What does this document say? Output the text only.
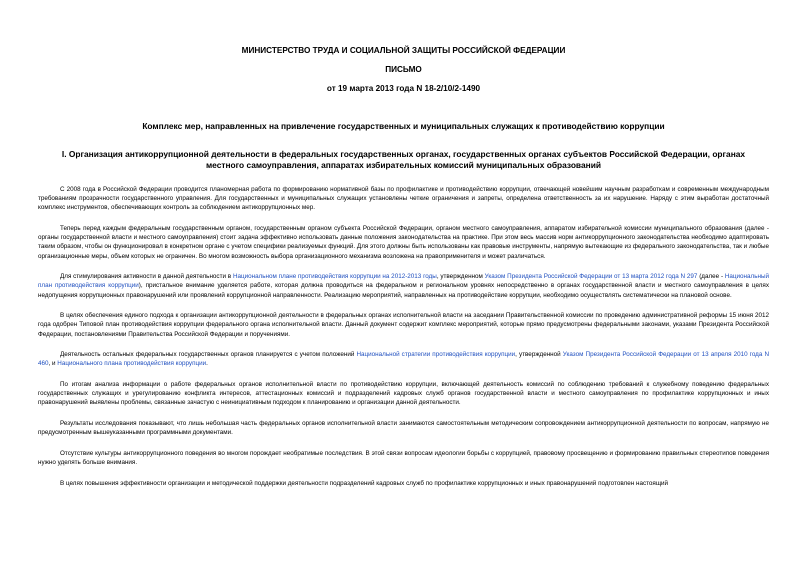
МИНИСТЕРСТВО ТРУДА И СОЦИАЛЬНОЙ ЗАЩИТЫ РОССИЙСКОЙ ФЕДЕРАЦИИ
ПИСЬМО
от 19 марта 2013 года N 18-2/10/2-1490
Комплекс мер, направленных на привлечение государственных и муниципальных служащих к противодействию коррупции
I. Организация антикоррупционной деятельности в федеральных государственных органах, государственных органах субъектов Российской Федерации, органах местного самоуправления, аппаратах избирательных комиссий муниципальных образований

С 2008 года в Российской Федерации проводится планомерная работа по формированию нормативной базы по профилактике и противодействию коррупции, отвечающей новейшим научным разработкам и современным международным требованиям прозрачности государственного управления. Для государственных и муниципальных служащих установлены четкие ограничения и запреты, определена ответственность за их нарушение. Наряду с этим выработан достаточный комплекс инструментов, обеспечивающих контроль за соблюдением антикоррупционных мер.

Теперь перед каждым федеральным государственным органом, государственным органом субъекта Российской Федерации, органом местного самоуправления, аппаратом избирательной комиссии муниципального образования (далее - органы государственной власти и местного самоуправления) стоит задача эффективно использовать данные положения законодательства на практике. При этом весь массив норм антикоррупционного законодательства необходимо адаптировать таким образом, чтобы он функционировал в конкретном органе с учетом специфики реализуемых функций. Для этого должны быть использованы как правовые инструменты, напрямую вытекающие из федерального законодательства, так и любые организационные меры, объем которых не ограничен. Во многом возможность выбора организационного механизма возложена на правоприменителя и может различаться.

Для стимулирования активности в данной деятельности в Национальном плане противодействия коррупции на 2012-2013 годы, утвержденном Указом Президента Российской Федерации от 13 марта 2012 года N 297 (далее - Национальный план противодействия коррупции), пристальное внимание уделяется работе, которая должна проводиться на федеральном и региональном уровнях непосредственно в органах государственной власти и местного самоуправления в целях недопущения коррупционных правонарушений или проявлений коррупционной направленности. Реализацию мероприятий, направленных на противодействие коррупции, необходимо осуществлять систематически на плановой основе.

В целях обеспечения единого подхода к организации антикоррупционной деятельности в федеральных органах исполнительной власти на заседании Правительственной комиссии по проведению административной реформы 15 июня 2012 года одобрен Типовой план противодействия коррупции федерального органа исполнительной власти. Данный документ содержит комплекс мероприятий, которые прямо предусмотрены федеральными законами, указами Президента Российской Федерации, постановлениями Правительства Российской Федерации и поручениями.

Деятельность остальных федеральных государственных органов планируется с учетом положений Национальной стратегии противодействия коррупции, утвержденной Указом Президента Российской Федерации от 13 апреля 2010 года N 460, и Национального плана противодействия коррупции.

По итогам анализа информации о работе федеральных органов исполнительной власти по противодействию коррупции, включающей деятельность комиссий по соблюдению требований к служебному поведению федеральных государственных служащих и урегулированию конфликта интересов, аттестационных комиссий и подразделений кадровых служб органов государственной власти и местного самоуправления по профилактике коррупционных и иных правонарушений выявлены проблемы, связанные зачастую с неинициативным подходом к планированию и организации данной деятельности.

Результаты исследования показывают, что лишь небольшая часть федеральных органов исполнительной власти занимаются самостоятельным методическим сопровождением антикоррупционной деятельности по вопросам, напрямую не предусмотренным вышеуказанными программными документами.

Отсутствие культуры антикоррупционного поведения во многом порождает необратимые последствия. В этой связи вопросам идеологии борьбы с коррупцией, правовому просвещению и формированию правильных стереотипов поведения нужно уделять больше внимания.

В целях повышения эффективности организации и методической поддержки деятельности подразделений кадровых служб по профилактике коррупционных и иных правонарушений подготовлен настоящий
